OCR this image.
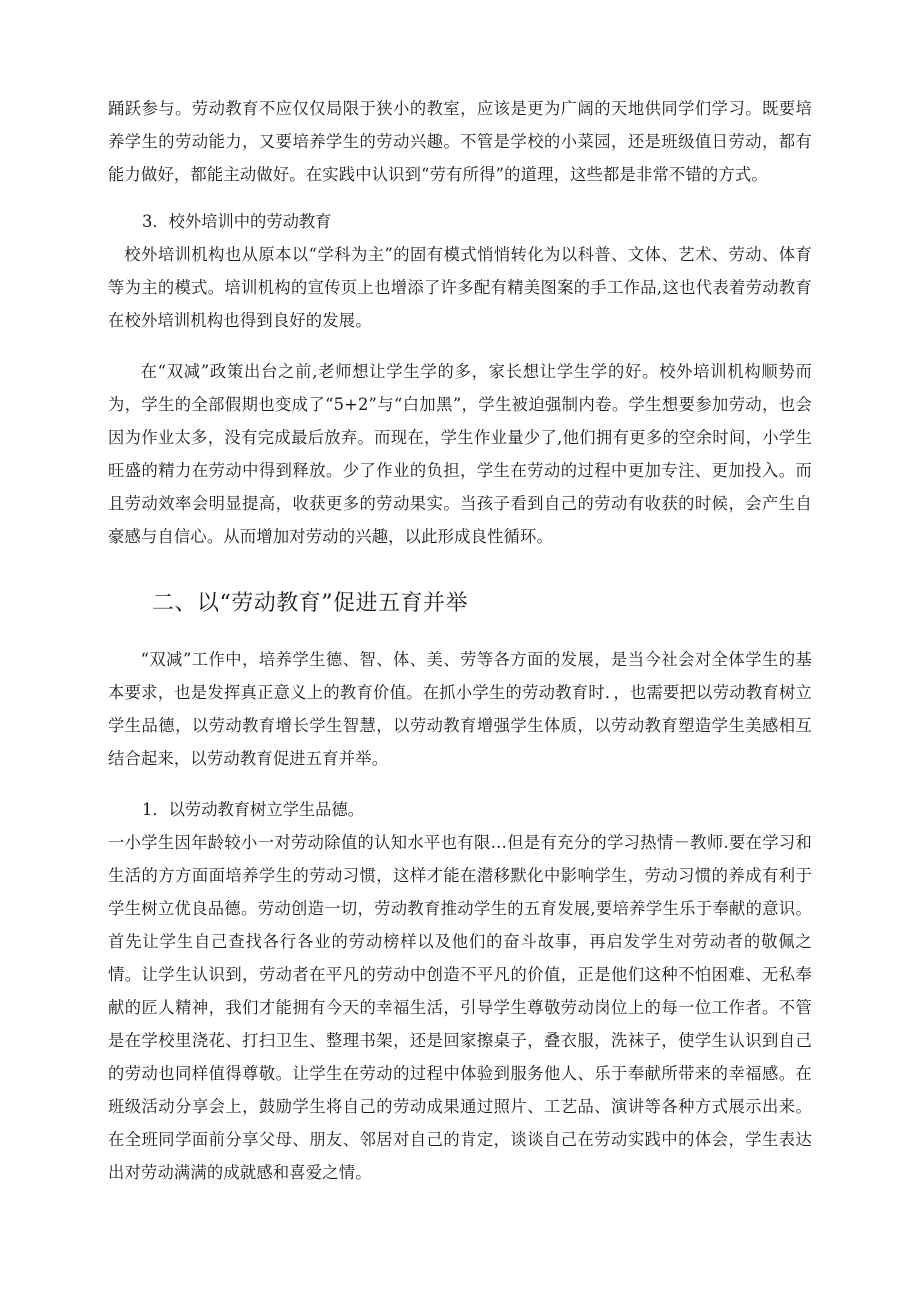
踊跃参与。劳动教育不应仅仅局限于狭小的教室，应该是更为广阔的天地供同学们学习。既要培养学生的劳动能力，又要培养学生的劳动兴趣。不管是学校的小菜园，还是班级值日劳动，都有能力做好，都能主动做好。在实践中认识到“劳有所得”的道理，这些都是非常不错的方式。

3．校外培训中的劳动教育

校外培训机构也从原本以“学科为主”的固有模式悄悄转化为以科普、文体、艺术、劳动、体育等为主的模式。培训机构的宣传页上也增添了许多配有精美图案的手工作品,这也代表着劳动教育在校外培训机构也得到良好的发展。

在“双减”政策出台之前,老师想让学生学的多，家长想让学生学的好。校外培训机构顺势而为，学生的全部假期也变成了“5+2”与“白加黑”，学生被迫强制内卷。学生想要参加劳动，也会因为作业太多，没有完成最后放弃。而现在，学生作业量少了,他们拥有更多的空余时间，小学生旺盛的精力在劳动中得到释放。少了作业的负担，学生在劳动的过程中更加专注、更加投入。而且劳动效率会明显提高，收获更多的劳动果实。当孩子看到自己的劳动有收获的时候，会产生自豪感与自信心。从而增加对劳动的兴趣，以此形成良性循环。

二、以“劳动教育”促进五育并举

“双减”工作中，培养学生德、智、体、美、劳等各方面的发展，是当今社会对全体学生的基本要求，也是发挥真正意义上的教育价值。在抓小学生的劳动教育时．，也需要把以劳动教育树立学生品德，以劳动教育增长学生智慧，以劳动教育增强学生体质，以劳动教育塑造学生美感相互结合起来，以劳动教育促进五育并举。

1．以劳动教育树立学生品德。

一小学生因年龄较小一对劳动除值的认知水平也有限…但是有充分的学习热情－教师.要在学习和生活的方方面面培养学生的劳动习惯，这样才能在潜移默化中影响学生，劳动习惯的养成有利于学生树立优良品德。劳动创造一切，劳动教育推动学生的五育发展,要培养学生乐于奉献的意识。首先让学生自己查找各行各业的劳动榜样以及他们的奋斗故事，再启发学生对劳动者的敬佩之情。让学生认识到，劳动者在平凡的劳动中创造不平凡的价值，正是他们这种不怕困难、无私奉献的匠人精神，我们才能拥有今天的幸福生活，引导学生尊敬劳动岗位上的每一位工作者。不管是在学校里浇花、打扫卫生、整理书架，还是回家擦桌子，叠衣服，洗袜子，使学生认识到自己的劳动也同样值得尊敬。让学生在劳动的过程中体验到服务他人、乐于奉献所带来的幸福感。在班级活动分享会上，鼓励学生将自己的劳动成果通过照片、工艺品、演讲等各种方式展示出来。在全班同学面前分享父母、朋友、邻居对自己的肯定，谈谈自己在劳动实践中的体会，学生表达出对劳动满满的成就感和喜爱之情。
